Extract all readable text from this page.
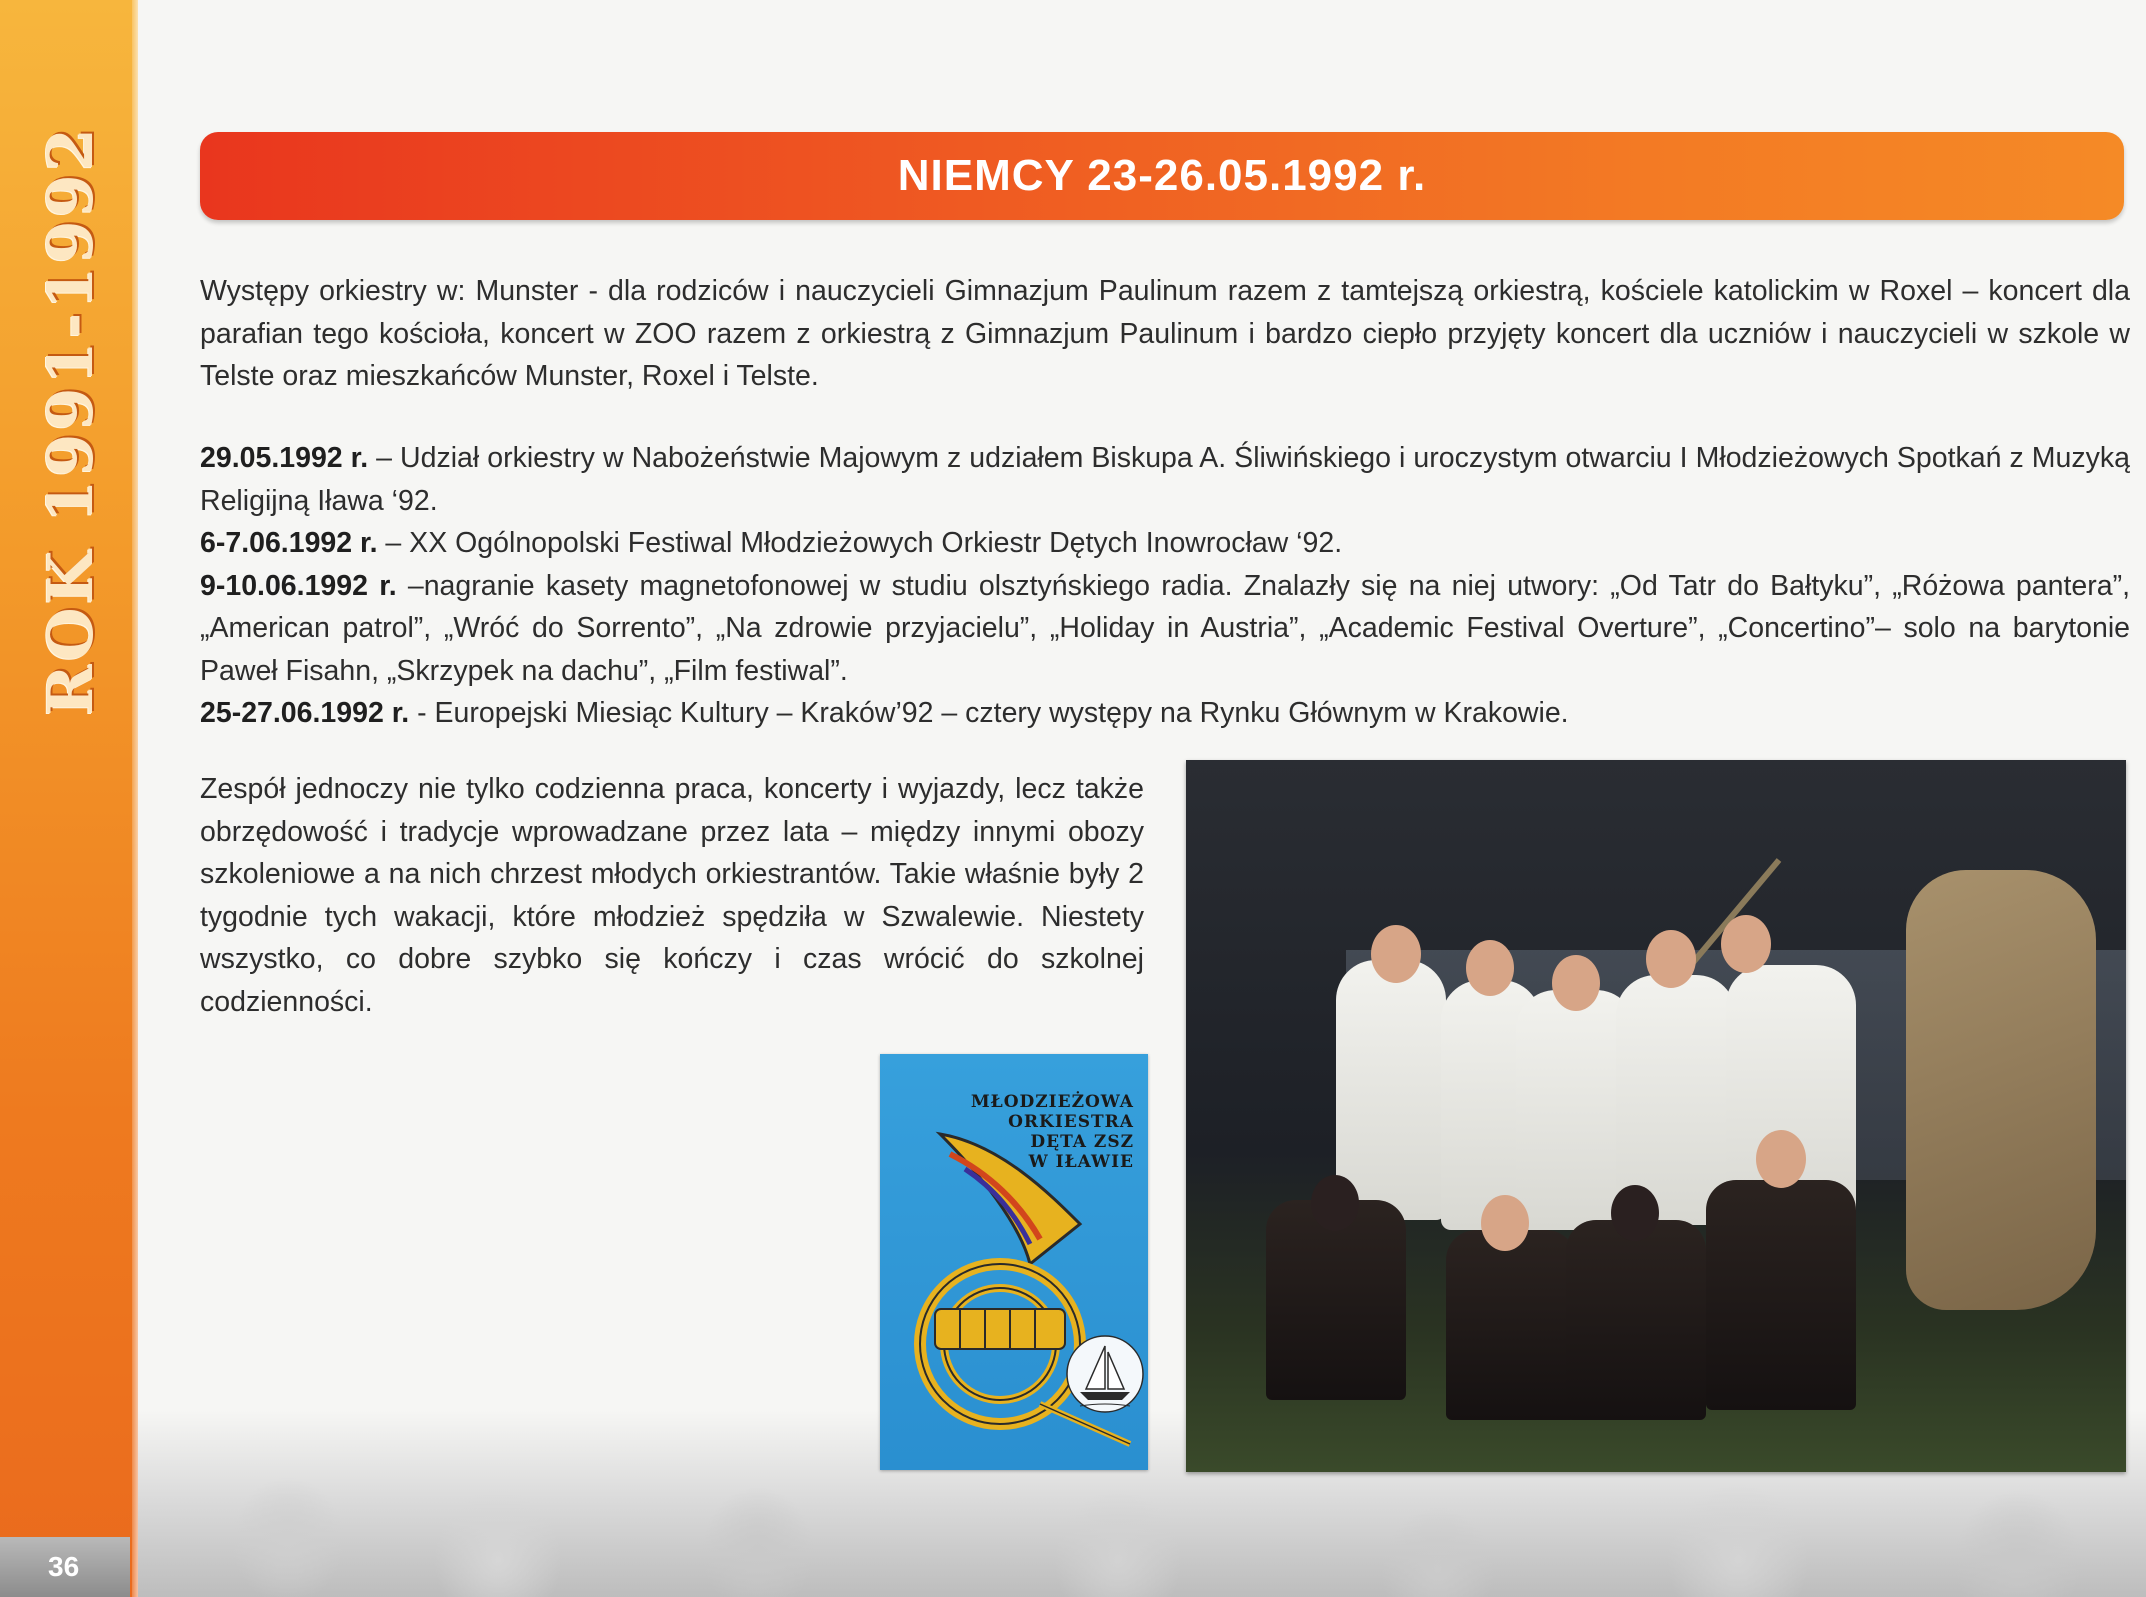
ROK 1991-1992
36
NIEMCY 23-26.05.1992 r.

Występy orkiestry w: Munster - dla rodziców i nauczycieli Gimnazjum Paulinum razem z tamtejszą orkiestrą, kościele katolickim w Roxel – koncert dla parafian tego kościoła, koncert w ZOO razem z orkiestrą z Gimnazjum Paulinum i bardzo ciepło przyjęty koncert dla uczniów i nauczycieli w szkole w Telste oraz mieszkańców Munster, Roxel i Telste.

29.05.1992 r. – Udział orkiestry w Nabożeństwie Majowym z udziałem Biskupa A. Śliwińskiego i uroczystym otwarciu I Młodzieżowych Spotkań z Muzyką Religijną Iława ‘92.

6-7.06.1992 r. – XX Ogólnopolski Festiwal Młodzieżowych Orkiestr Dętych Inowrocław ‘92.

9-10.06.1992 r. –nagranie kasety magnetofonowej w studiu olsztyńskiego radia. Znalazły się na niej utwory: „Od Tatr do Bałtyku”, „Różowa pantera”, „American patrol”, „Wróć do Sorrento”, „Na zdrowie przyjacielu”, „Holiday in Austria”, „Academic Festival Overture”, „Concertino”– solo na barytonie Paweł Fisahn, „Skrzypek na dachu”, „Film festiwal”.

25-27.06.1992 r. - Europejski Miesiąc Kultury – Kraków’92 – cztery występy na Rynku Głównym w Krakowie.

Zespół jednoczy nie tylko codzienna praca, koncerty i wyjazdy, lecz także obrzędowość i tradycje wprowadzane przez lata – między innymi obozy szkoleniowe a na nich chrzest młodych orkiestrantów. Takie właśnie były 2 tygodnie tych wakacji, które młodzież spędziła w Szwalewie. Niestety wszystko, co dobre szybko się kończy i czas wrócić do szkolnej codzienności.

MŁODZIEŻOWA
ORKIESTRA
DĘTA ZSZ
W IŁAWIE
